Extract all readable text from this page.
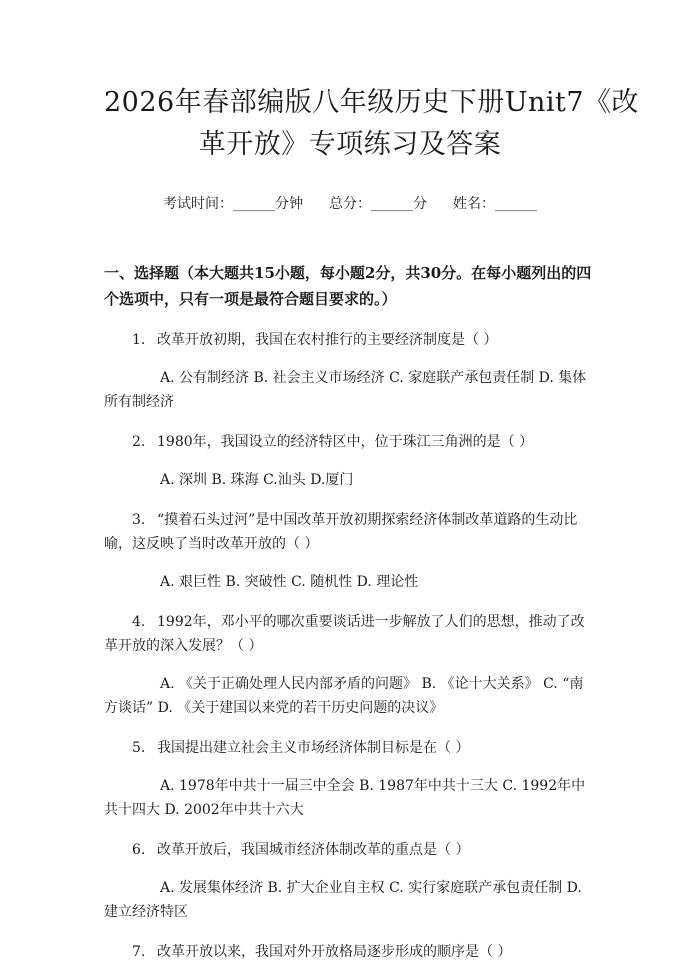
2026年春部编版八年级历史下册Unit7《改
革开放》专项练习及答案
考试时间：______分钟 总分：______分 姓名：______
一、选择题（本大题共15小题，每小题2分，共30分。在每小题列出的四个选项中，只有一项是最符合题目要求的。）
1. 改革开放初期，我国在农村推行的主要经济制度是（ ）
A. 公有制经济 B. 社会主义市场经济 C. 家庭联产承包责任制 D. 集体所有制经济
2. 1980年，我国设立的经济特区中，位于珠江三角洲的是（ ）
A. 深圳 B. 珠海 C.汕头 D.厦门
3. “摸着石头过河”是中国改革开放初期探索经济体制改革道路的生动比喻，这反映了当时改革开放的（ ）
A. 艰巨性 B. 突破性 C. 随机性 D. 理论性
4. 1992年，邓小平的哪次重要谈话进一步解放了人们的思想，推动了改革开放的深入发展？（ ）
A. 《关于正确处理人民内部矛盾的问题》 B. 《论十大关系》 C. “南方谈话” D. 《关于建国以来党的若干历史问题的决议》
5. 我国提出建立社会主义市场经济体制目标是在（ ）
A. 1978年中共十一届三中全会 B. 1987年中共十三大 C. 1992年中共十四大 D. 2002年中共十六大
6. 改革开放后，我国城市经济体制改革的重点是（ ）
A. 发展集体经济 B. 扩大企业自主权 C. 实行家庭联产承包责任制 D. 建立经济特区
7. 改革开放以来，我国对外开放格局逐步形成的顺序是（ ）
